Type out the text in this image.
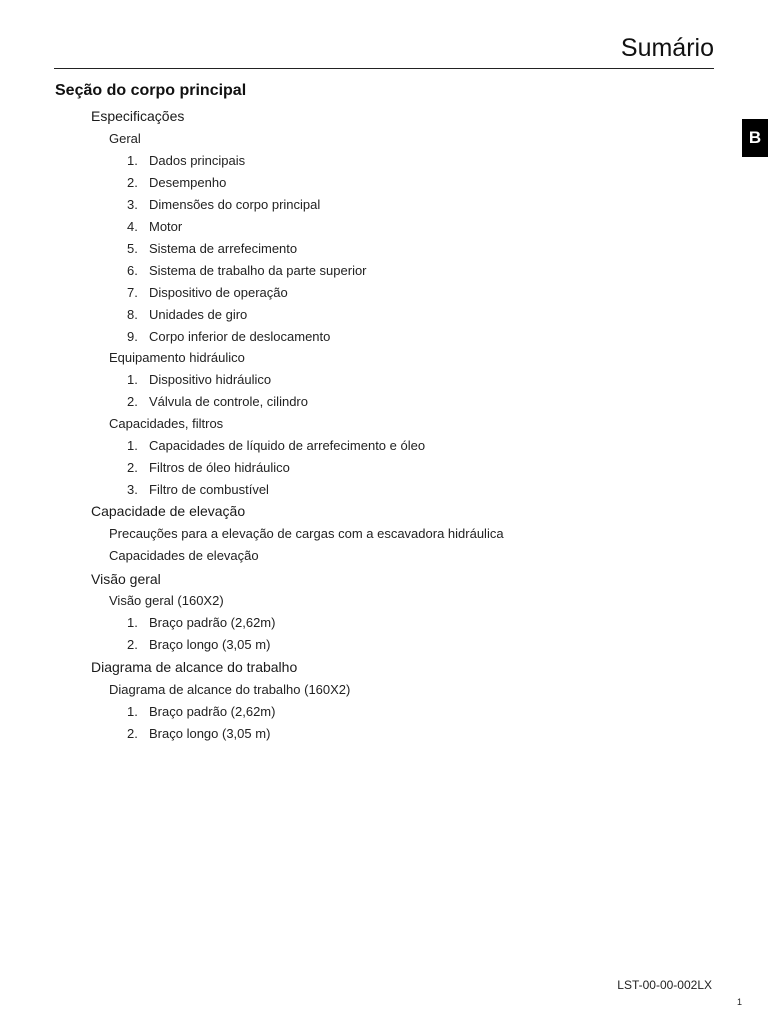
Sumário
B
Seção do corpo principal
Especificações
Geral
1. Dados principais
2. Desempenho
3. Dimensões do corpo principal
4. Motor
5. Sistema de arrefecimento
6. Sistema de trabalho da parte superior
7. Dispositivo de operação
8. Unidades de giro
9. Corpo inferior de deslocamento
Equipamento hidráulico
1. Dispositivo hidráulico
2. Válvula de controle, cilindro
Capacidades, filtros
1. Capacidades de líquido de arrefecimento e óleo
2. Filtros de óleo hidráulico
3. Filtro de combustível
Capacidade de elevação
Precauções para a elevação de cargas com a escavadora hidráulica
Capacidades de elevação
Visão geral
Visão geral (160X2)
1. Braço padrão (2,62m)
2. Braço longo (3,05 m)
Diagrama de alcance do trabalho
Diagrama de alcance do trabalho (160X2)
1. Braço padrão (2,62m)
2. Braço longo (3,05 m)
LST-00-00-002LX
1
